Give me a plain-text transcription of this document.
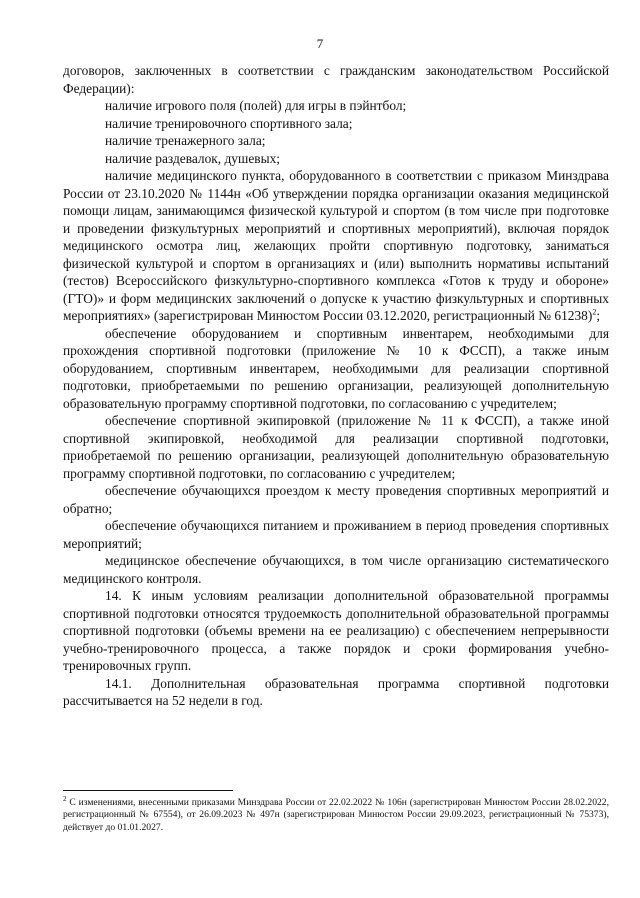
7

договоров, заключенных в соответствии с гражданским законодательством Российской Федерации):

наличие игрового поля (полей) для игры в пэйнтбол;

наличие тренировочного спортивного зала;

наличие тренажерного зала;

наличие раздевалок, душевых;

наличие медицинского пункта, оборудованного в соответствии с приказом Минздрава России от 23.10.2020 № 1144н «Об утверждении порядка организации оказания медицинской помощи лицам, занимающимся физической культурой и спортом (в том числе при подготовке и проведении физкультурных мероприятий и спортивных мероприятий), включая порядок медицинского осмотра лиц, желающих пройти спортивную подготовку, заниматься физической культурой и спортом в организациях и (или) выполнить нормативы испытаний (тестов) Всероссийского физкультурно-спортивного комплекса «Готов к труду и обороне» (ГТО)» и форм медицинских заключений о допуске к участию физкультурных и спортивных мероприятиях» (зарегистрирован Минюстом России 03.12.2020, регистрационный № 61238)$^2$;

обеспечение оборудованием и спортивным инвентарем, необходимыми для прохождения спортивной подготовки (приложение № 10 к ФССП), а также иным оборудованием, спортивным инвентарем, необходимыми для реализации спортивной подготовки, приобретаемыми по решению организации, реализующей дополнительную образовательную программу спортивной подготовки, по согласованию с учредителем;

обеспечение спортивной экипировкой (приложение № 11 к ФССП), а также иной спортивной экипировкой, необходимой для реализации спортивной подготовки, приобретаемой по решению организации, реализующей дополнительную образовательную программу спортивной подготовки, по согласованию с учредителем;

обеспечение обучающихся проездом к месту проведения спортивных мероприятий и обратно;

обеспечение обучающихся питанием и проживанием в период проведения спортивных мероприятий;

медицинское обеспечение обучающихся, в том числе организацию систематического медицинского контроля.

14. К иным условиям реализации дополнительной образовательной программы спортивной подготовки относятся трудоемкость дополнительной образовательной программы спортивной подготовки (объемы времени на ее реализацию) с обеспечением непрерывности учебно-тренировочного процесса, а также порядок и сроки формирования учебно-тренировочных групп.

14.1. Дополнительная образовательная программа спортивной подготовки рассчитывается на 52 недели в год.

$^2$ С изменениями, внесенными приказами Минздрава России от 22.02.2022 № 106н (зарегистрирован Минюстом России 28.02.2022, регистрационный № 67554), от 26.09.2023 № 497н (зарегистрирован Минюстом России 29.09.2023, регистрационный № 75373), действует до 01.01.2027.
